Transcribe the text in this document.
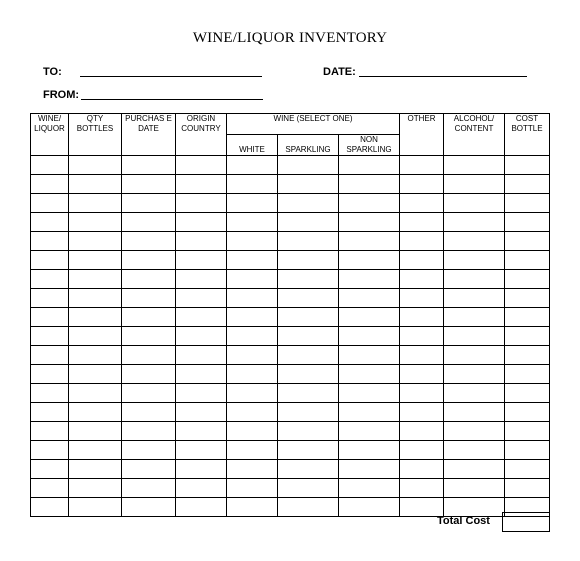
WINE/LIQUOR INVENTORY
TO:	DATE:
FROM:
WINE/ LIQUOR	QTY BOTTLES	PURCHAS E DATE	ORIGIN COUNTRY	WINE (SELECT ONE)			OTHER	ALCOHOL/ CONTENT	COST BOTTLE
				WHITE	SPARKLING	NON SPARKLING			

Total Cost
